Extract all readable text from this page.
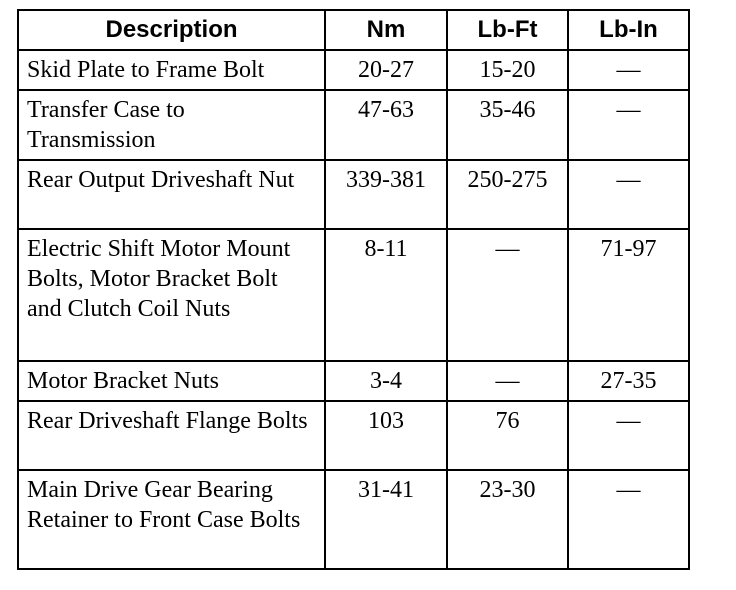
Description	Nm	Lb-Ft	Lb-In
Skid Plate to Frame Bolt	20-27	15-20	—
Transfer Case to Transmission	47-63	35-46	—
Rear Output Driveshaft Nut	339-381	250-275	—
Electric Shift Motor Mount Bolts, Motor Bracket Bolt and Clutch Coil Nuts	8-11	—	71-97
Motor Bracket Nuts	3-4	—	27-35
Rear Driveshaft Flange Bolts	103	76	—
Main Drive Gear Bearing Retainer to Front Case Bolts	31-41	23-30	—
